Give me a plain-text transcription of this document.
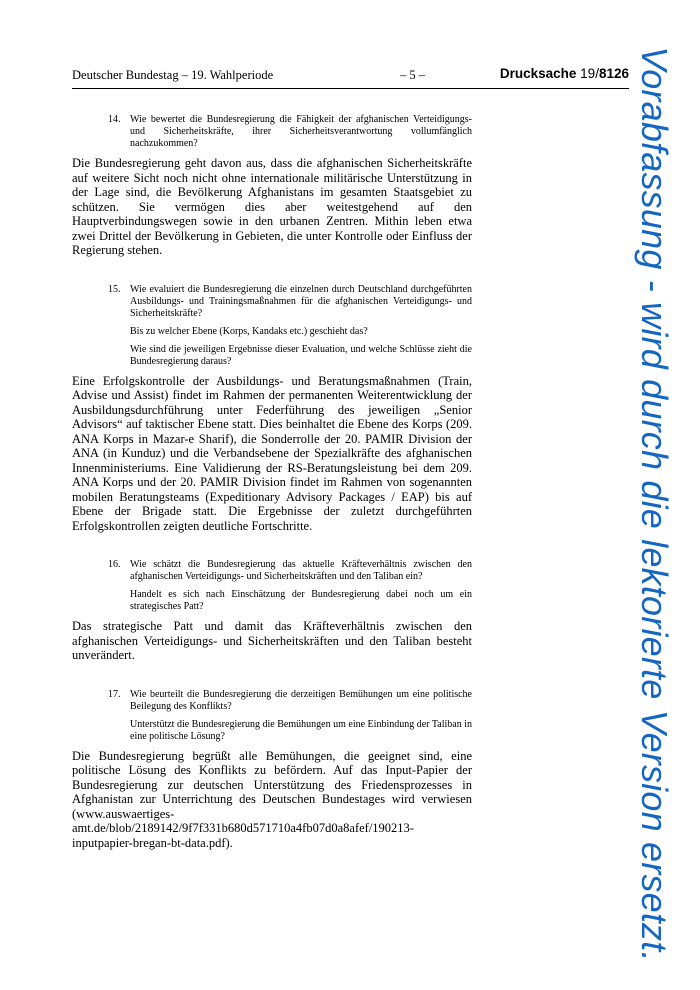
Deutscher Bundestag – 19. Wahlperiode	– 5 –	Drucksache 19/8126
14. Wie bewertet die Bundesregierung die Fähigkeit der afghanischen Verteidigungs- und Sicherheitskräfte, ihrer Sicherheitsverantwortung vollumfänglich nachzukommen?

Die Bundesregierung geht davon aus, dass die afghanischen Sicherheitskräfte auf weitere Sicht noch nicht ohne internationale militärische Unterstützung in der Lage sind, die Bevölkerung Afghanistans im gesamten Staatsgebiet zu schützen. Sie vermögen dies aber weitestgehend auf den Hauptverbindungswegen sowie in den urbanen Zentren. Mithin leben etwa zwei Drittel der Bevölkerung in Gebieten, die unter Kontrolle oder Einfluss der Regierung stehen.

15. Wie evaluiert die Bundesregierung die einzelnen durch Deutschland durchgeführten Ausbildungs- und Trainingsmaßnahmen für die afghanischen Verteidigungs- und Sicherheitskräfte?

Bis zu welcher Ebene (Korps, Kandaks etc.) geschieht das?

Wie sind die jeweiligen Ergebnisse dieser Evaluation, und welche Schlüsse zieht die Bundesregierung daraus?

Eine Erfolgskontrolle der Ausbildungs- und Beratungsmaßnahmen (Train, Advise und Assist) findet im Rahmen der permanenten Weiterentwicklung der Ausbildungsdurchführung unter Federführung des jeweiligen „Senior Advisors“ auf taktischer Ebene statt. Dies beinhaltet die Ebene des Korps (209. ANA Korps in Mazar-e Sharif), die Sonderrolle der 20. PAMIR Division der ANA (in Kunduz) und die Verbandsebene der Spezialkräfte des afghanischen Innenministeriums. Eine Validierung der RS-Beratungsleistung bei dem 209. ANA Korps und der 20. PAMIR Division findet im Rahmen von sogenannten mobilen Beratungsteams (Expeditionary Advisory Packages / EAP) bis auf Ebene der Brigade statt. Die Ergebnisse der zuletzt durchgeführten Erfolgskontrollen zeigten deutliche Fortschritte.

16. Wie schätzt die Bundesregierung das aktuelle Kräfteverhältnis zwischen den afghanischen Verteidigungs- und Sicherheitskräften und den Taliban ein?

Handelt es sich nach Einschätzung der Bundesregierung dabei noch um ein strategisches Patt?

Das strategische Patt und damit das Kräfteverhältnis zwischen den afghanischen Verteidigungs- und Sicherheitskräften und den Taliban besteht unverändert.

17. Wie beurteilt die Bundesregierung die derzeitigen Bemühungen um eine politische Beilegung des Konflikts?

Unterstützt die Bundesregierung die Bemühungen um eine Einbindung der Taliban in eine politische Lösung?

Die Bundesregierung begrüßt alle Bemühungen, die geeignet sind, eine politische Lösung des Konflikts zu befördern. Auf das Input-Papier der Bundesregierung zur deutschen Unterstützung des Friedensprozesses in Afghanistan zur Unterrichtung des Deutschen Bundestages wird verwiesen (www.auswaertiges-amt.de/blob/2189142/9f7f331b680d571710a4fb07d0a8afef/190213-inputpapier-bregan-bt-data.pdf).	Vorabfassung - wird durch die lektorierte Version ersetzt.
